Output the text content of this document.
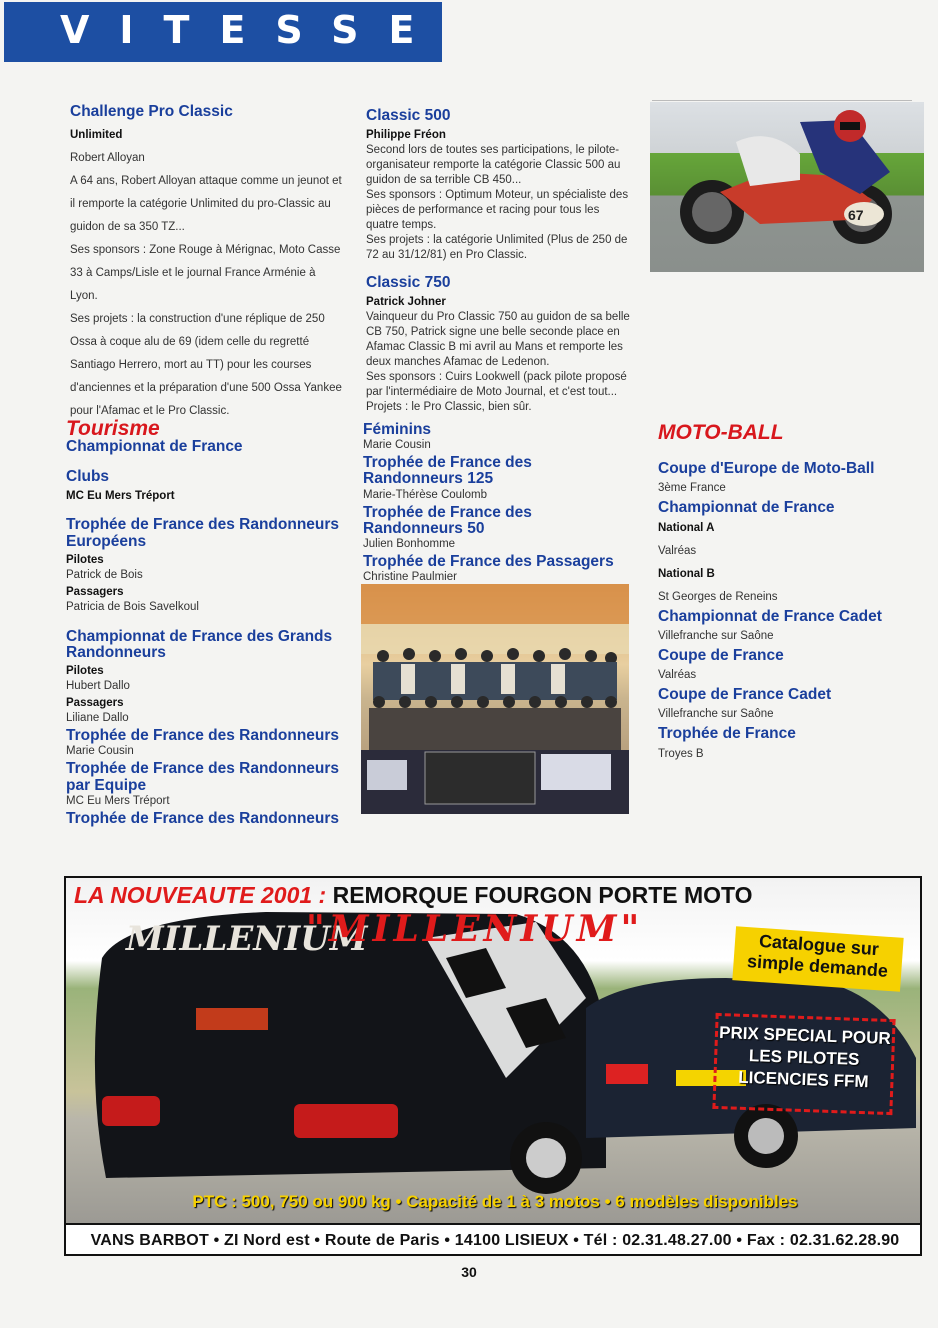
VITESSE

Challenge Pro Classic

Unlimited

Robert Alloyan

A 64 ans, Robert Alloyan attaque comme un jeunot et il remporte la catégorie Unlimited du pro-Classic au guidon de sa 350 TZ...

Ses sponsors : Zone Rouge à Mérignac, Moto Casse 33 à Camps/Lisle et le journal France Arménie à Lyon.

Ses projets : la construction d'une réplique de 250 Ossa à coque alu de 69 (idem celle du regretté Santiago Herrero, mort au TT) pour les courses d'anciennes et la préparation d'une 500 Ossa Yankee pour l'Afamac et le Pro Classic.

Tourisme

Championnat de France

Clubs

MC Eu Mers Tréport

Trophée de France des Randonneurs Européens

Pilotes

Patrick de Bois

Passagers

Patricia de Bois Savelkoul

Championnat de France des Grands Randonneurs

Pilotes

Hubert Dallo

Passagers

Liliane Dallo

Trophée de France des Randonneurs

Marie Cousin

Trophée de France des Randonneurs par Equipe

MC Eu Mers Tréport

Trophée de France des Randonneurs

Classic 500

Philippe Fréon

Second lors de toutes ses participations, le pilote-organisateur remporte la catégorie Classic 500 au guidon de sa terrible CB 450...

Ses sponsors : Optimum Moteur, un spécialiste des pièces de performance et racing pour tous les quatre temps.

Ses projets : la catégorie Unlimited (Plus de 250 de 72 au 31/12/81) en Pro Classic.

Classic 750

Patrick Johner

Vainqueur du Pro Classic 750 au guidon de sa belle CB 750, Patrick signe une belle seconde place en Afamac Classic B mi avril au Mans et remporte les deux manches Afamac de Ledenon.

Ses sponsors : Cuirs Lookwell (pack pilote proposé par l'intermédiaire de Moto Journal, et c'est tout...

Projets : le Pro Classic, bien sûr.

Féminins

Marie Cousin

Trophée de France des Randonneurs 125

Marie-Thérèse Coulomb

Trophée de France des Randonneurs 50

Julien Bonhomme

Trophée de France des Passagers

Christine Paulmier

67

MOTO-BALL

Coupe d'Europe de Moto-Ball

3ème France

Championnat de France

National A

Valréas

National B

St Georges de Reneins

Championnat de France Cadet

Villefranche sur Saône

Coupe de France

Valréas

Coupe de France Cadet

Villefranche sur Saône

Trophée de France

Troyes B

MILLENIUM
LA NOUVEAUTE 2001 : REMORQUE FOURGON PORTE MOTO
"MILLENIUM"	Catalogue sur simple demande
PRIX SPECIAL POUR LES PILOTES LICENCIES FFM
PTC : 500, 750 ou 900 kg • Capacité de 1 à 3 motos • 6 modèles disponibles
VANS BARBOT • ZI Nord est • Route de Paris • 14100 LISIEUX • Tél : 02.31.48.27.00 • Fax : 02.31.62.28.90
30
